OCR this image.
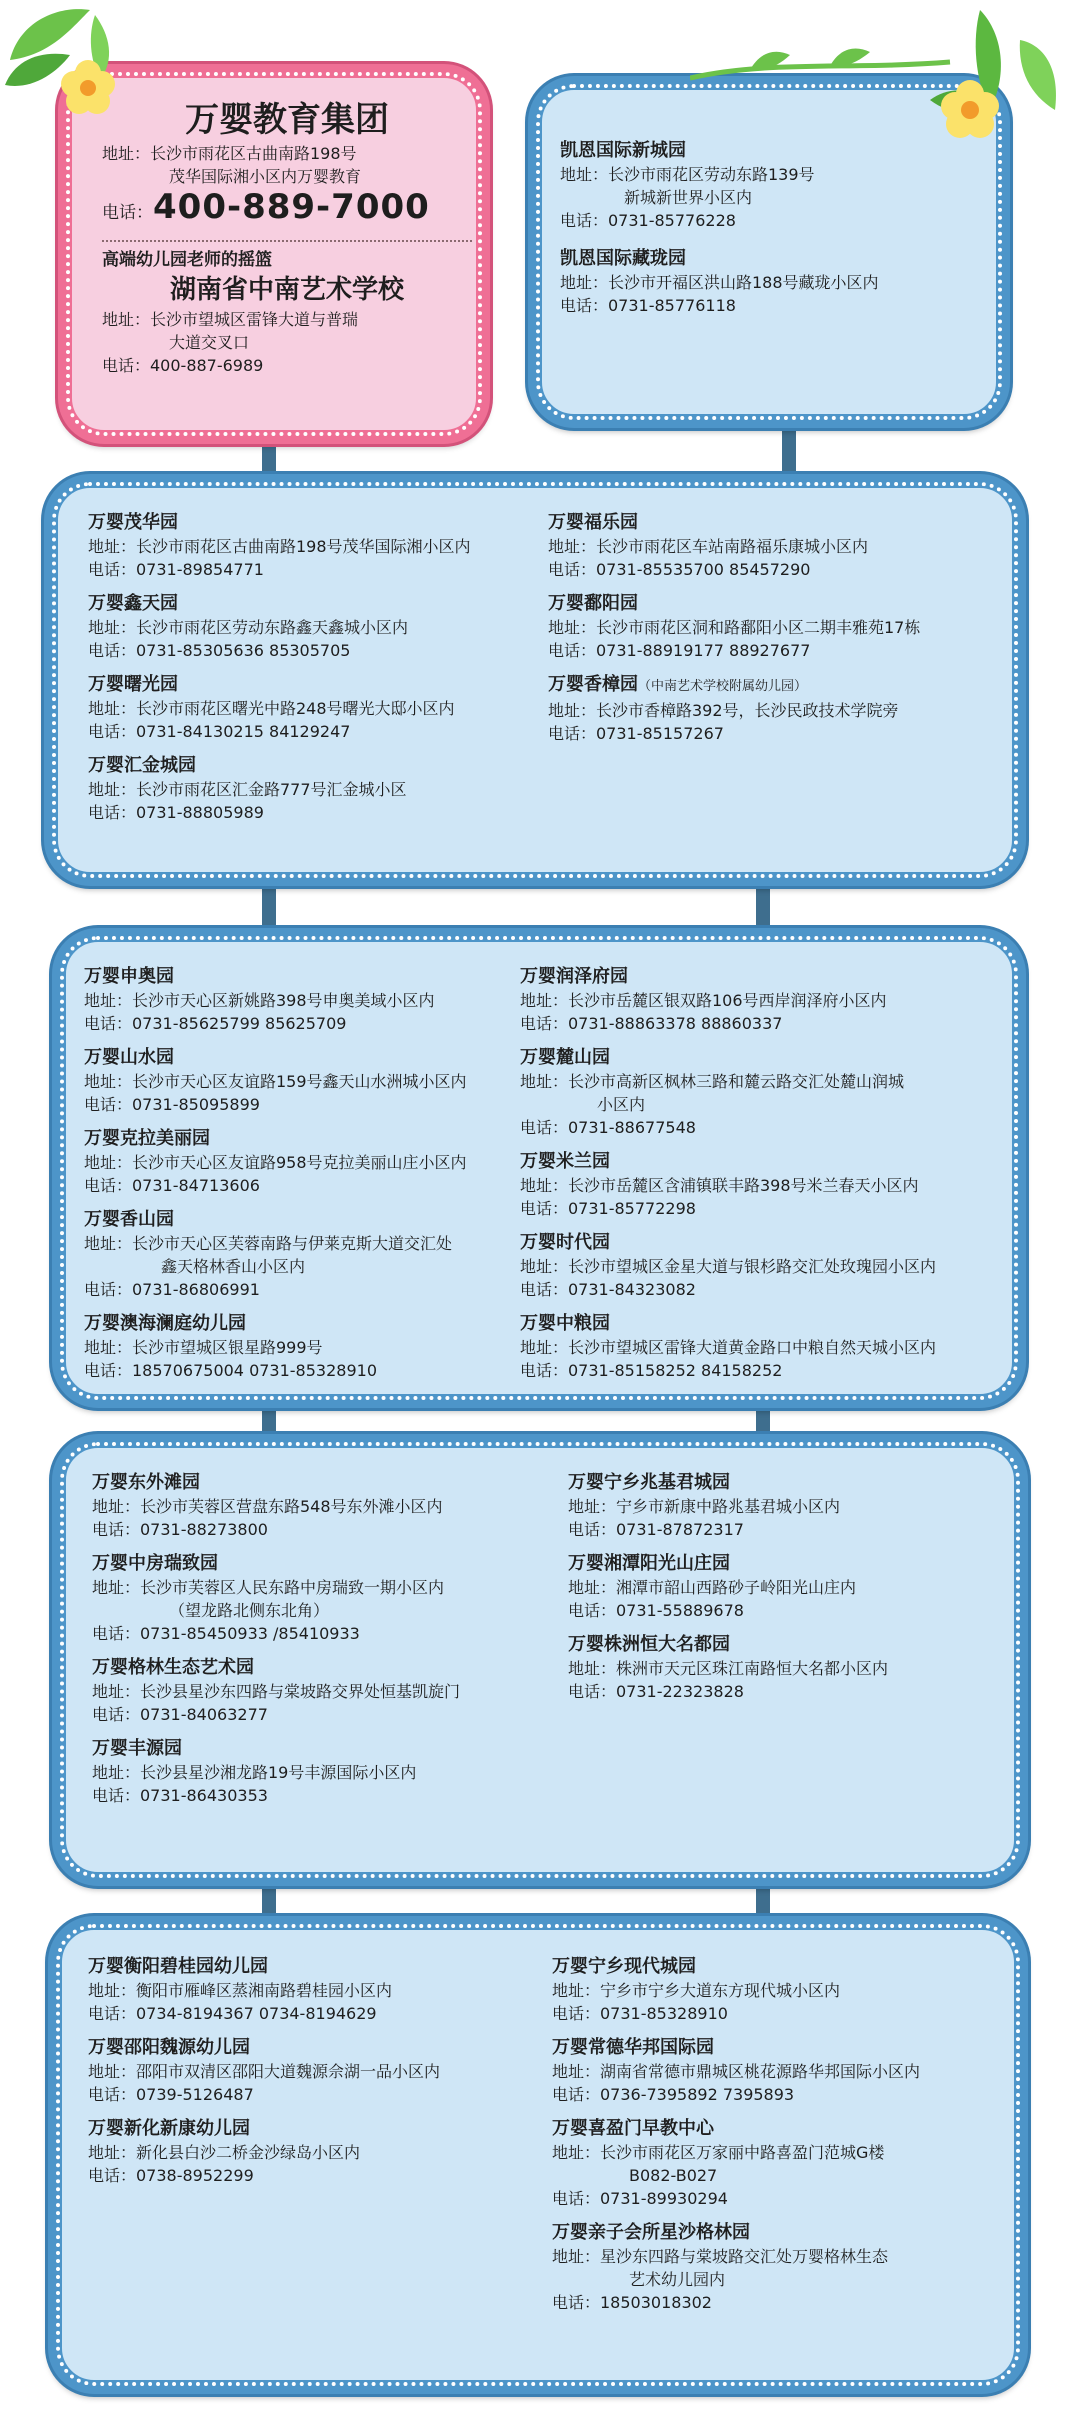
万婴教育集团
地址：长沙市雨花区古曲南路198号
茂华国际湘小区内万婴教育
电话：400-889-7000
高端幼儿园老师的摇篮
湖南省中南艺术学校
地址：长沙市望城区雷锋大道与普瑞
大道交叉口
电话：400-887-6989
凯恩国际新城园
地址：长沙市雨花区劳动东路139号
新城新世界小区内
电话：0731-85776228
凯恩国际藏珑园
地址：长沙市开福区洪山路188号藏珑小区内
电话：0731-85776118
万婴茂华园
地址：长沙市雨花区古曲南路198号茂华国际湘小区内
电话：0731-89854771
万婴鑫天园
地址：长沙市雨花区劳动东路鑫天鑫城小区内
电话：0731-85305636 85305705
万婴曙光园
地址：长沙市雨花区曙光中路248号曙光大邸小区内
电话：0731-84130215 84129247
万婴汇金城园
地址：长沙市雨花区汇金路777号汇金城小区
电话：0731-88805989
万婴福乐园
地址：长沙市雨花区车站南路福乐康城小区内
电话：0731-85535700 85457290
万婴鄱阳园
地址：长沙市雨花区洞和路鄱阳小区二期丰雅苑17栋
电话：0731-88919177 88927677
万婴香樟园（中南艺术学校附属幼儿园）
地址：长沙市香樟路392号，长沙民政技术学院旁
电话：0731-85157267
万婴申奥园
地址：长沙市天心区新姚路398号申奥美域小区内
电话：0731-85625799 85625709
万婴山水园
地址：长沙市天心区友谊路159号鑫天山水洲城小区内
电话：0731-85095899
万婴克拉美丽园
地址：长沙市天心区友谊路958号克拉美丽山庄小区内
电话：0731-84713606
万婴香山园
地址：长沙市天心区芙蓉南路与伊莱克斯大道交汇处
鑫天格林香山小区内
电话：0731-86806991
万婴澳海澜庭幼儿园
地址：长沙市望城区银星路999号
电话：18570675004 0731-85328910
万婴润泽府园
地址：长沙市岳麓区银双路106号西岸润泽府小区内
电话：0731-88863378 88860337
万婴麓山园
地址：长沙市高新区枫林三路和麓云路交汇处麓山润城
小区内
电话：0731-88677548
万婴米兰园
地址：长沙市岳麓区含浦镇联丰路398号米兰春天小区内
电话：0731-85772298
万婴时代园
地址：长沙市望城区金星大道与银杉路交汇处玫瑰园小区内
电话：0731-84323082
万婴中粮园
地址：长沙市望城区雷锋大道黄金路口中粮自然天城小区内
电话：0731-85158252 84158252
万婴东外滩园
地址：长沙市芙蓉区营盘东路548号东外滩小区内
电话：0731-88273800
万婴中房瑞致园
地址：长沙市芙蓉区人民东路中房瑞致一期小区内
（望龙路北侧东北角）
电话：0731-85450933 /85410933
万婴格林生态艺术园
地址：长沙县星沙东四路与棠坡路交界处恒基凯旋门
电话：0731-84063277
万婴丰源园
地址：长沙县星沙湘龙路19号丰源国际小区内
电话：0731-86430353
万婴宁乡兆基君城园
地址：宁乡市新康中路兆基君城小区内
电话：0731-87872317
万婴湘潭阳光山庄园
地址：湘潭市韶山西路砂子岭阳光山庄内
电话：0731-55889678
万婴株洲恒大名都园
地址：株洲市天元区珠江南路恒大名都小区内
电话：0731-22323828
万婴衡阳碧桂园幼儿园
地址：衡阳市雁峰区蒸湘南路碧桂园小区内
电话：0734-8194367 0734-8194629
万婴邵阳魏源幼儿园
地址：邵阳市双清区邵阳大道魏源佘湖一品小区内
电话：0739-5126487
万婴新化新康幼儿园
地址：新化县白沙二桥金沙绿岛小区内
电话：0738-8952299
万婴宁乡现代城园
地址：宁乡市宁乡大道东方现代城小区内
电话：0731-85328910
万婴常德华邦国际园
地址：湖南省常德市鼎城区桃花源路华邦国际小区内
电话：0736-7395892 7395893
万婴喜盈门早教中心
地址：长沙市雨花区万家丽中路喜盈门范城G楼
B082-B027
电话：0731-89930294
万婴亲子会所星沙格林园
地址：星沙东四路与棠坡路交汇处万婴格林生态
艺术幼儿园内
电话：18503018302
